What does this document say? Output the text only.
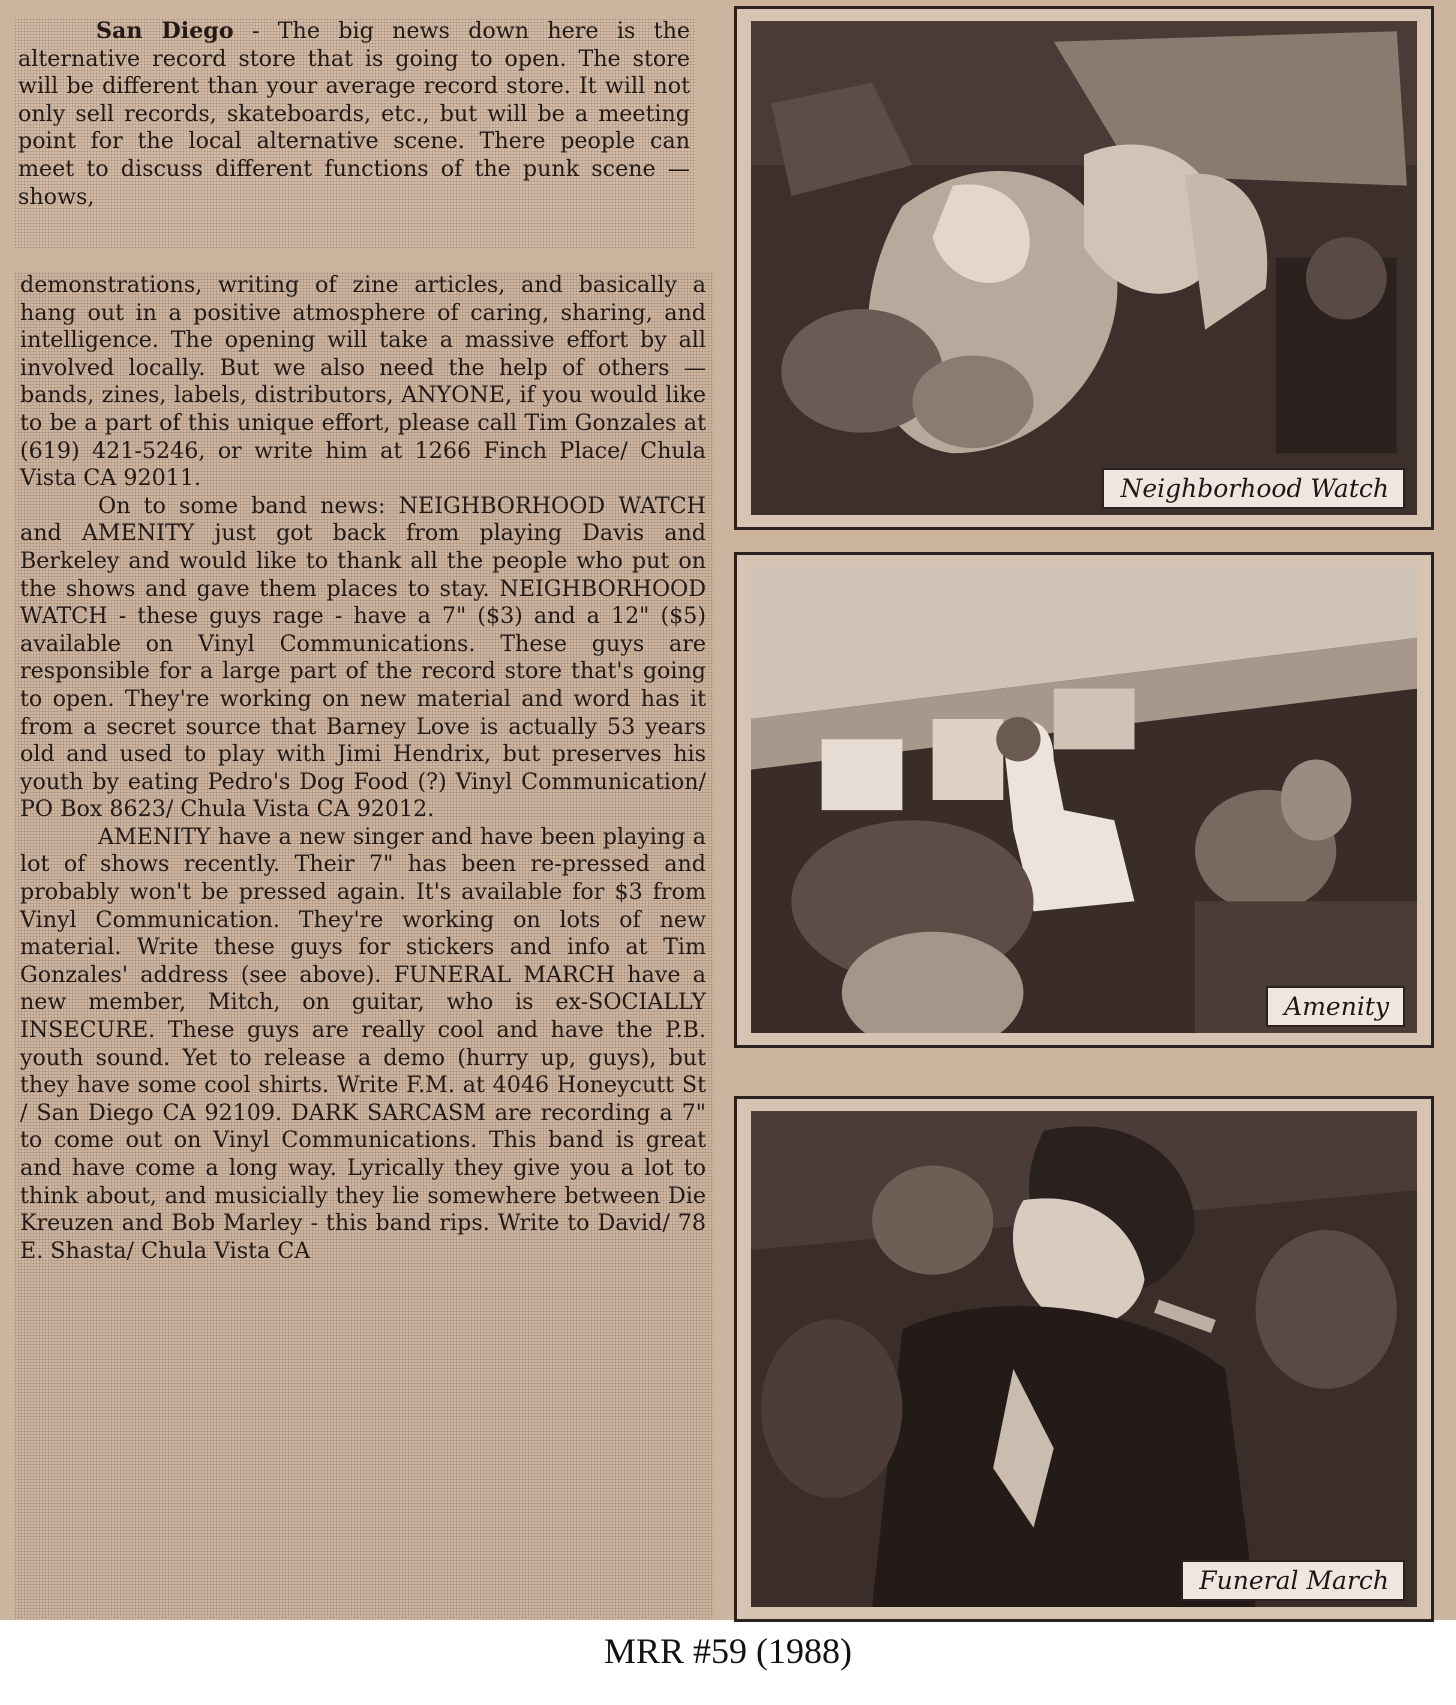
San Diego - The big news down here is the alternative record store that is going to open. The store will be different than your average record store. It will not only sell records, skateboards, etc., but will be a meeting point for the local alternative scene. There people can meet to discuss different functions of the punk scene — shows,

demonstrations, writing of zine articles, and basically a hang out in a positive atmosphere of caring, sharing, and intelligence. The opening will take a massive effort by all involved locally. But we also need the help of others — bands, zines, labels, distributors, ANYONE, if you would like to be a part of this unique effort, please call Tim Gonzales at (619) 421-5246, or write him at 1266 Finch Place/ Chula Vista CA 92011.

On to some band news: NEIGHBORHOOD WATCH and AMENITY just got back from playing Davis and Berkeley and would like to thank all the people who put on the shows and gave them places to stay. NEIGHBORHOOD WATCH - these guys rage - have a 7" ($3) and a 12" ($5) available on Vinyl Communications. These guys are responsible for a large part of the record store that's going to open. They're working on new material and word has it from a secret source that Barney Love is actually 53 years old and used to play with Jimi Hendrix, but preserves his youth by eating Pedro's Dog Food (?) Vinyl Communication/ PO Box 8623/ Chula Vista CA 92012.

AMENITY have a new singer and have been playing a lot of shows recently. Their 7" has been re-pressed and probably won't be pressed again. It's available for $3 from Vinyl Communication. They're working on lots of new material. Write these guys for stickers and info at Tim Gonzales' address (see above). FUNERAL MARCH have a new member, Mitch, on guitar, who is ex-SOCIALLY INSECURE. These guys are really cool and have the P.B. youth sound. Yet to release a demo (hurry up, guys), but they have some cool shirts. Write F.M. at 4046 Honeycutt St / San Diego CA 92109. DARK SARCASM are recording a 7" to come out on Vinyl Communications. This band is great and have come a long way. Lyrically they give you a lot to think about, and musicially they lie somewhere between Die Kreuzen and Bob Marley - this band rips. Write to David/ 78 E. Shasta/ Chula Vista CA

Neighborhood Watch
Amenity
Funeral March
MRR #59 (1988)
